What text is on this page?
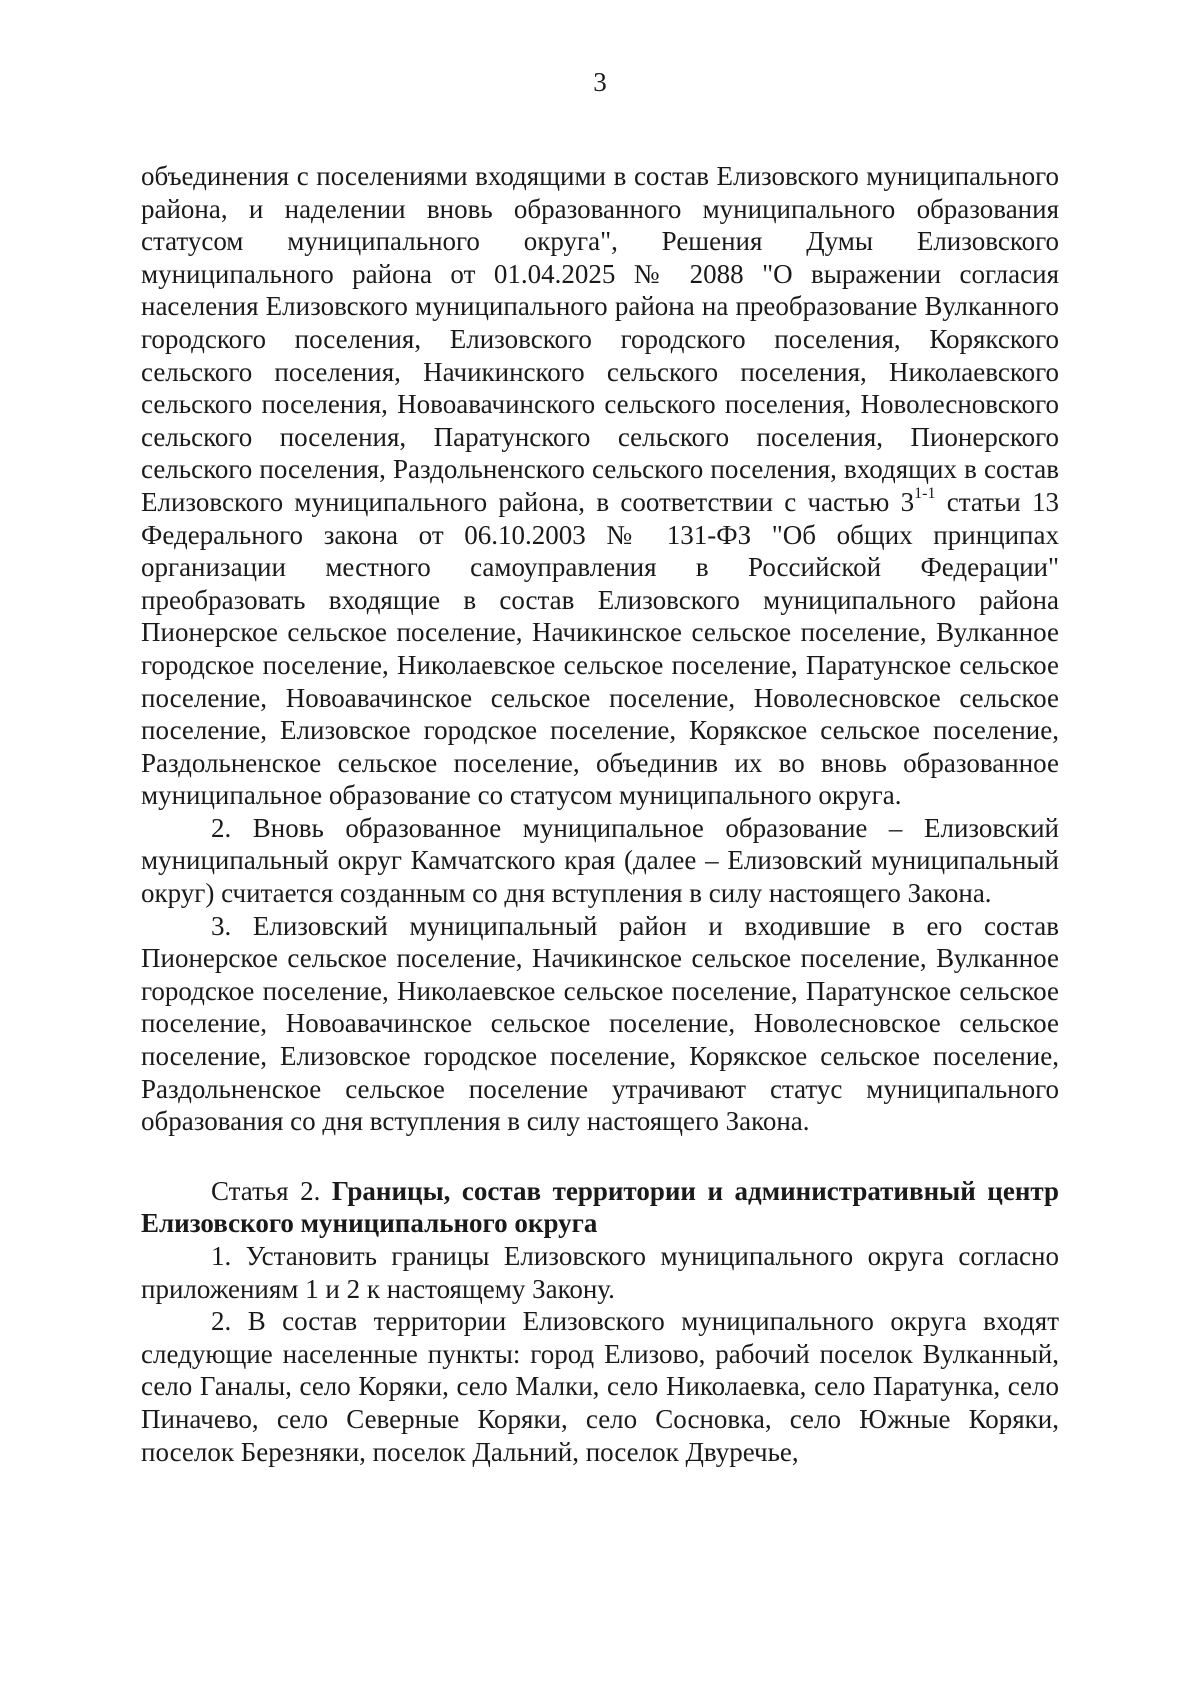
3

объединения с поселениями входящими в состав Елизовского муниципального района, и наделении вновь образованного муниципального образования статусом муниципального округа", Решения Думы Елизовского муниципального района от 01.04.2025 № 2088 "О выражении согласия населения Елизовского муниципального района на преобразование Вулканного городского поселения, Елизовского городского поселения, Корякского сельского поселения, Начикинского сельского поселения, Николаевского сельского поселения, Новоавачинского сельского поселения, Новолесновского сельского поселения, Паратунского сельского поселения, Пионерского сельского поселения, Раздольненского сельского поселения, входящих в состав Елизовского муниципального района, в соответствии с частью 3$^{1-1}$ статьи 13 Федерального закона от 06.10.2003 № 131-ФЗ "Об общих принципах организации местного самоуправления в Российской Федерации" преобразовать входящие в состав Елизовского муниципального района Пионерское сельское поселение, Начикинское сельское поселение, Вулканное городское поселение, Николаевское сельское поселение, Паратунское сельское поселение, Новоавачинское сельское поселение, Новолесновское сельское поселение, Елизовское городское поселение, Корякское сельское поселение, Раздольненское сельское поселение, объединив их во вновь образованное муниципальное образование со статусом муниципального округа.

2. Вновь образованное муниципальное образование – Елизовский муниципальный округ Камчатского края (далее – Елизовский муниципальный округ) считается созданным со дня вступления в силу настоящего Закона.

3. Елизовский муниципальный район и входившие в его состав Пионерское сельское поселение, Начикинское сельское поселение, Вулканное городское поселение, Николаевское сельское поселение, Паратунское сельское поселение, Новоавачинское сельское поселение, Новолесновское сельское поселение, Елизовское городское поселение, Корякское сельское поселение, Раздольненское сельское поселение утрачивают статус муниципального образования со дня вступления в силу настоящего Закона.

Статья 2. Границы, состав территории и административный центр Елизовского муниципального округа

1. Установить границы Елизовского муниципального округа согласно приложениям 1 и 2 к настоящему Закону.

2. В состав территории Елизовского муниципального округа входят следующие населенные пункты: город Елизово, рабочий поселок Вулканный, село Ганалы, село Коряки, село Малки, село Николаевка, село Паратунка, село Пиначево, село Северные Коряки, село Сосновка, село Южные Коряки, поселок Березняки, поселок Дальний, поселок Двуречье,
